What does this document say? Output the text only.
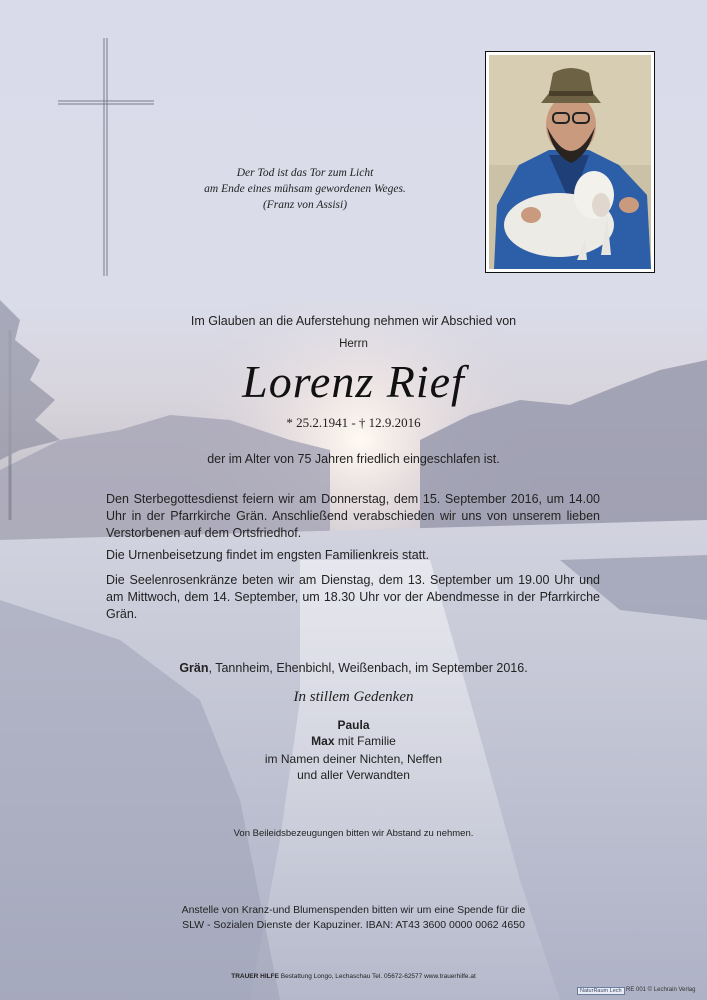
Der Tod ist das Tor zum Licht
am Ende eines mühsam gewordenen Weges.
(Franz von Assisi)
Im Glauben an die Auferstehung nehmen wir Abschied von
Herrn
Lorenz Rief
* 25.2.1941 - † 12.9.2016
der im Alter von 75 Jahren friedlich eingeschlafen ist.
Den Sterbegottesdienst feiern wir am Donnerstag, dem 15. September 2016, um 14.00 Uhr in der Pfarrkirche Grän. Anschließend verabschieden wir uns von unserem lieben Verstorbenen auf dem Ortsfriedhof.
Die Urnenbeisetzung findet im engsten Familienkreis statt.
Die Seelenrosenkränze beten wir am Dienstag, dem 13. September um 19.00 Uhr und am Mittwoch, dem 14. September, um 18.30 Uhr vor der Abendmesse in der Pfarrkirche Grän.
Grän, Tannheim, Ehenbichl, Weißenbach, im September 2016.
In stillem Gedenken
Paula
Max mit Familie
im Namen deiner Nichten, Neffen
und aller Verwandten
Von Beileidsbezeugungen bitten wir Abstand zu nehmen.
Anstelle von Kranz-und Blumenspenden bitten wir um eine Spende für die
SLW - Sozialen Dienste der Kapuziner. IBAN: AT43 3600 0000 0062 4650
TRAUER HILFE Bestattung Longo, Lechaschau Tel. 05672-62577 www.trauerhilfe.at
NaturRaum Lech RE 001 © Lechrain Verlag
